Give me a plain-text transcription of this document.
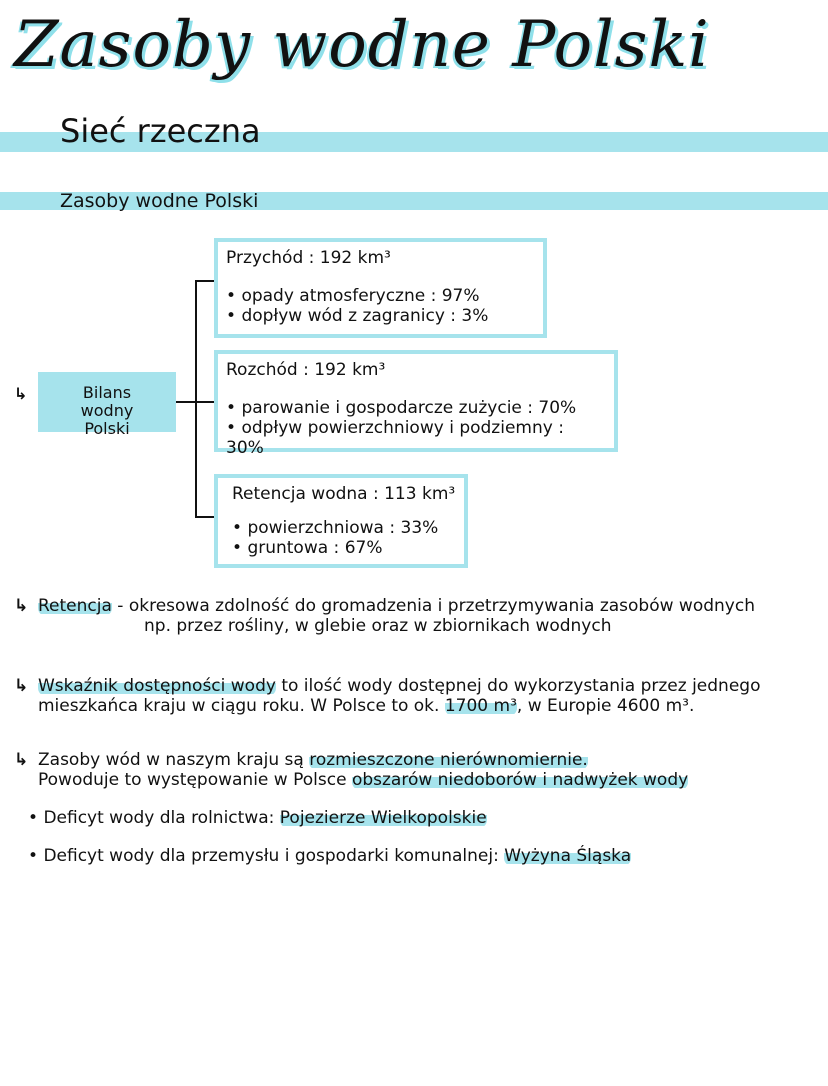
Zasoby wodne Polski
Sieć rzeczna
Zasoby wodne Polski
↳	Bilans wodny Polski
Przychód : 192 km³
• opady atmosferyczne : 97%
• dopływ wód z zagranicy : 3%
Rozchód : 192 km³
• parowanie i gospodarcze zużycie : 70%
• odpływ powierzchniowy i podziemny : 30%
Retencja wodna : 113 km³
• powierzchniowa : 33%
• gruntowa : 67%
↳ Retencja - okresowa zdolność do gromadzenia i przetrzymywania zasobów wodnych
np. przez rośliny, w glebie oraz w zbiornikach wodnych
↳ Wskaźnik dostępności wody to ilość wody dostępnej do wykorzystania przez jednego
mieszkańca kraju w ciągu roku. W Polsce to ok. 1700 m³, w Europie 4600 m³.
↳ Zasoby wód w naszym kraju są rozmieszczone nierównomiernie.
Powoduje to występowanie w Polsce obszarów niedoborów i nadwyżek wody
• Deficyt wody dla rolnictwa: Pojezierze Wielkopolskie
• Deficyt wody dla przemysłu i gospodarki komunalnej: Wyżyna Śląska
